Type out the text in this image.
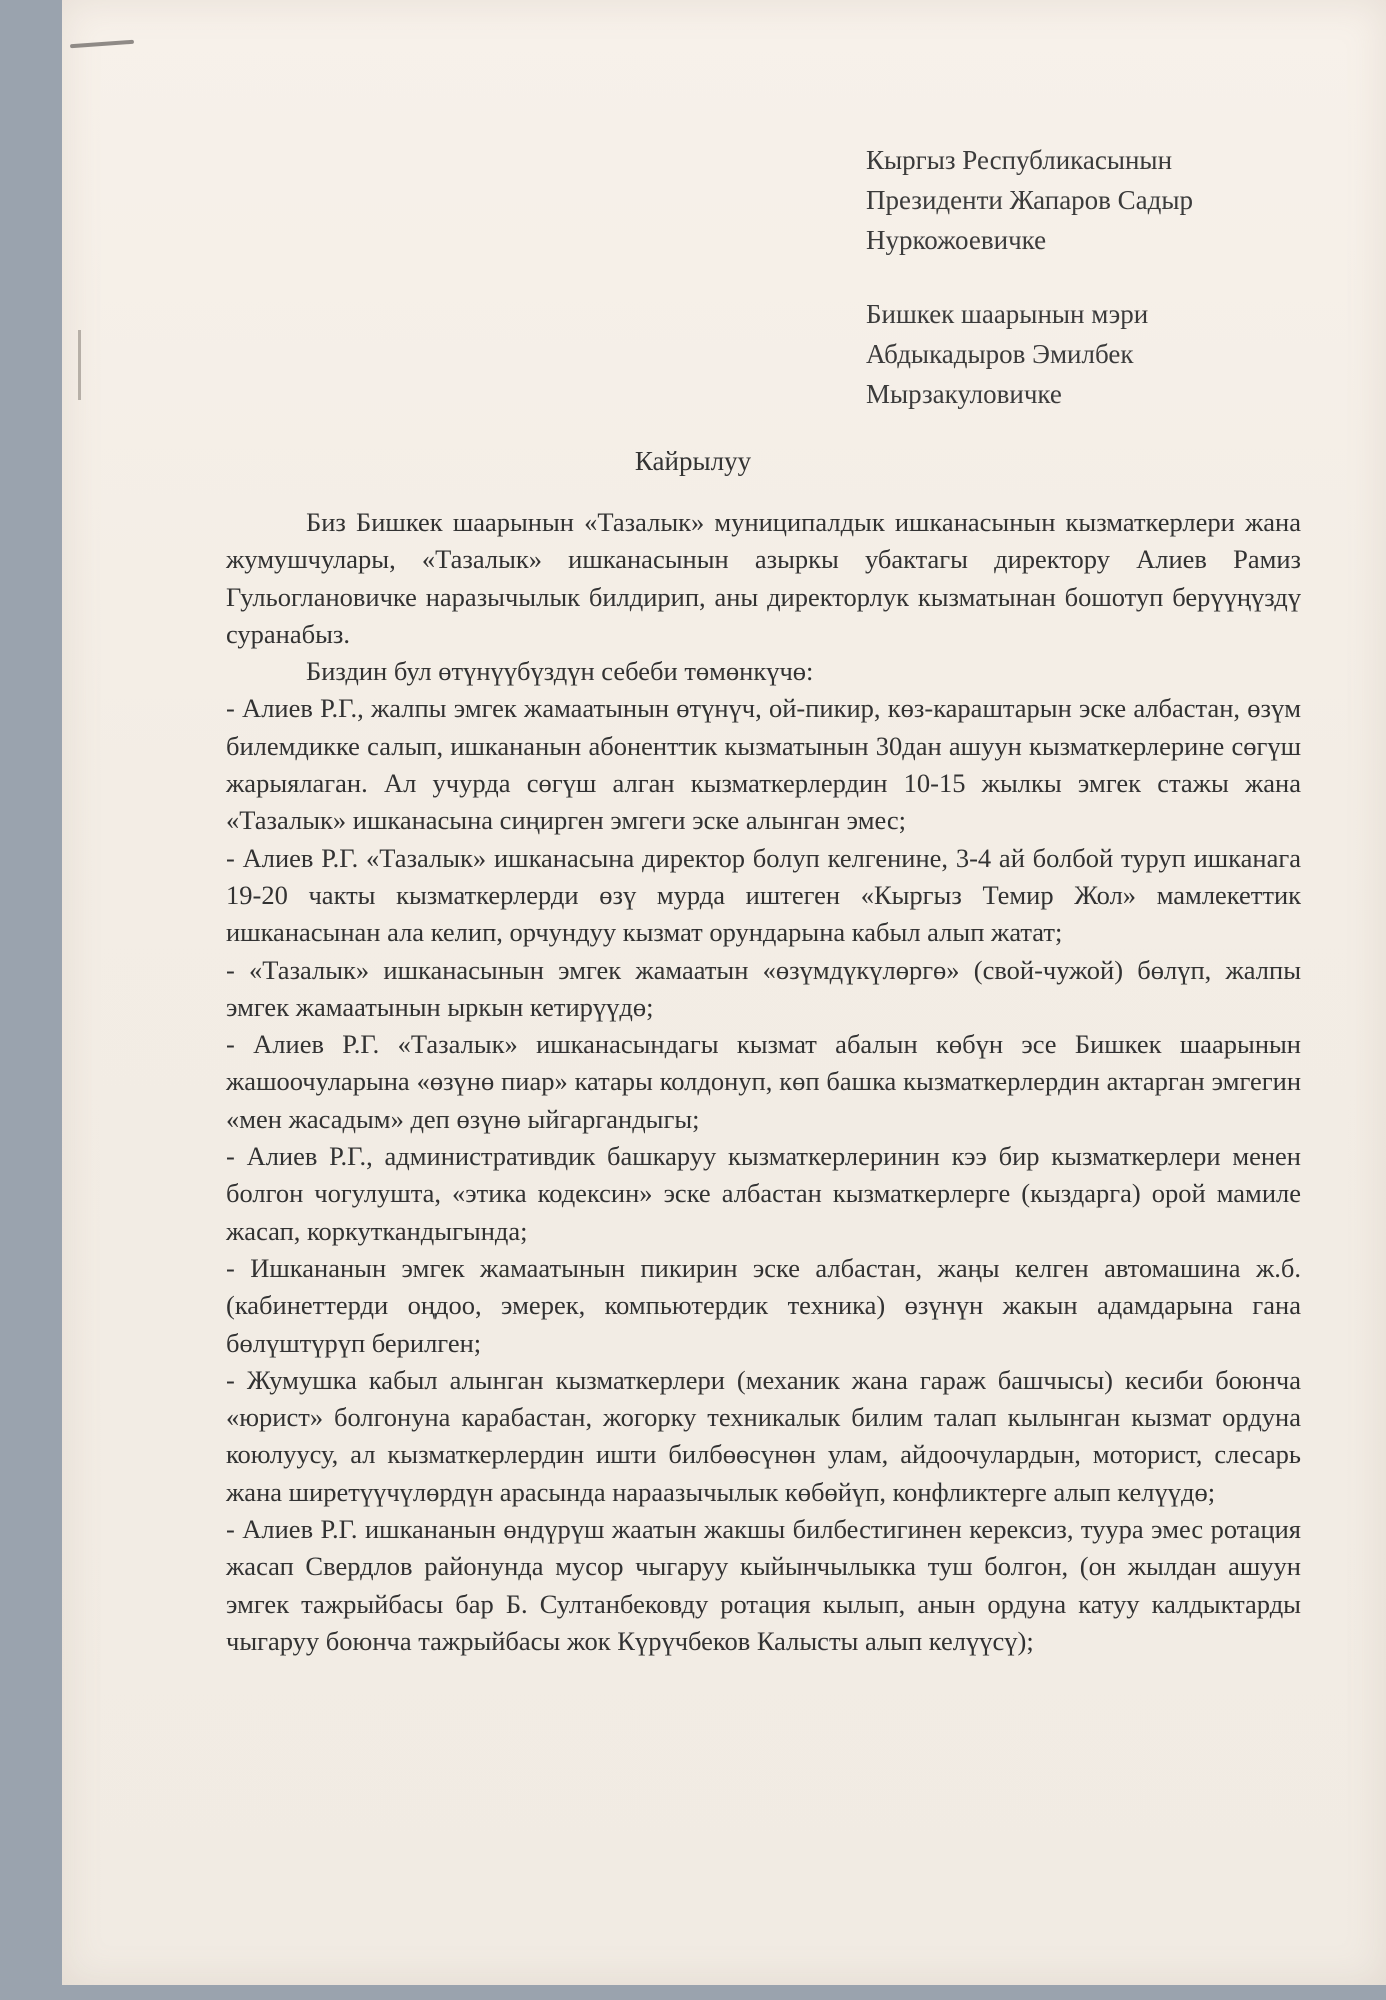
Кыргыз Республикасынын

Президенти Жапаров Садыр

Нуркожоевичке

Бишкек шаарынын мэри

Абдыкадыров Эмилбек

Мырзакуловичке

Кайрылуу

Биз Бишкек шаарынын «Тазалык» муниципалдык ишканасынын кызматкерлери жана жумушчулары, «Тазалык» ишканасынын азыркы убактагы директору Алиев Рамиз Гульоглановичке наразычылык билдирип, аны директорлук кызматынан бошотуп берүүңүздү суранабыз.

Биздин бул өтүнүүбүздүн себеби төмөнкүчө:

- Алиев Р.Г., жалпы эмгек жамаатынын өтүнүч, ой-пикир, көз-караштарын эске албастан, өзүм билемдикке салып, ишкананын абоненттик кызматынын 30дан ашуун кызматкерлерине сөгүш жарыялаган. Ал учурда сөгүш алган кызматкерлердин 10-15 жылкы эмгек стажы жана «Тазалык» ишканасына сиңирген эмгеги эске алынган эмес;

- Алиев Р.Г. «Тазалык» ишканасына директор болуп келгенине, 3-4 ай болбой туруп ишканага 19-20 чакты кызматкерлерди өзү мурда иштеген «Кыргыз Темир Жол» мамлекеттик ишканасынан ала келип, орчундуу кызмат орундарына кабыл алып жатат;

- «Тазалык» ишканасынын эмгек жамаатын «өзүмдүкүлөргө» (свой-чужой) бөлүп, жалпы эмгек жамаатынын ыркын кетирүүдө;

- Алиев Р.Г. «Тазалык» ишканасындагы кызмат абалын көбүн эсе Бишкек шаарынын жашоочуларына «өзүнө пиар» катары колдонуп, көп башка кызматкерлердин актарган эмгегин «мен жасадым» деп өзүнө ыйгаргандыгы;

- Алиев Р.Г., административдик башкаруу кызматкерлеринин кээ бир кызматкерлери менен болгон чогулушта, «этика кодексин» эске албастан кызматкерлерге (кыздарга) орой мамиле жасап, коркуткандыгында;

- Ишкананын эмгек жамаатынын пикирин эске албастан, жаңы келген автомашина ж.б. (кабинеттерди оңдоо, эмерек, компьютердик техника) өзүнүн жакын адамдарына гана бөлүштүрүп берилген;

- Жумушка кабыл алынган кызматкерлери (механик жана гараж башчысы) кесиби боюнча «юрист» болгонуна карабастан, жогорку техникалык билим талап кылынган кызмат ордуна коюлуусу, ал кызматкерлердин ишти билбөөсүнөн улам, айдоочулардын, моторист, слесарь жана ширетүүчүлөрдүн арасында нараазычылык көбөйүп, конфликтерге алып келүүдө;

- Алиев Р.Г. ишкананын өндүрүш жаатын жакшы билбестигинен керексиз, туура эмес ротация жасап Свердлов районунда мусор чыгаруу кыйынчылыкка туш болгон, (он жылдан ашуун эмгек тажрыйбасы бар Б. Султанбековду ротация кылып, анын ордуна катуу калдыктарды чыгаруу боюнча тажрыйбасы жок Күрүчбеков Калысты алып келүүсү);
